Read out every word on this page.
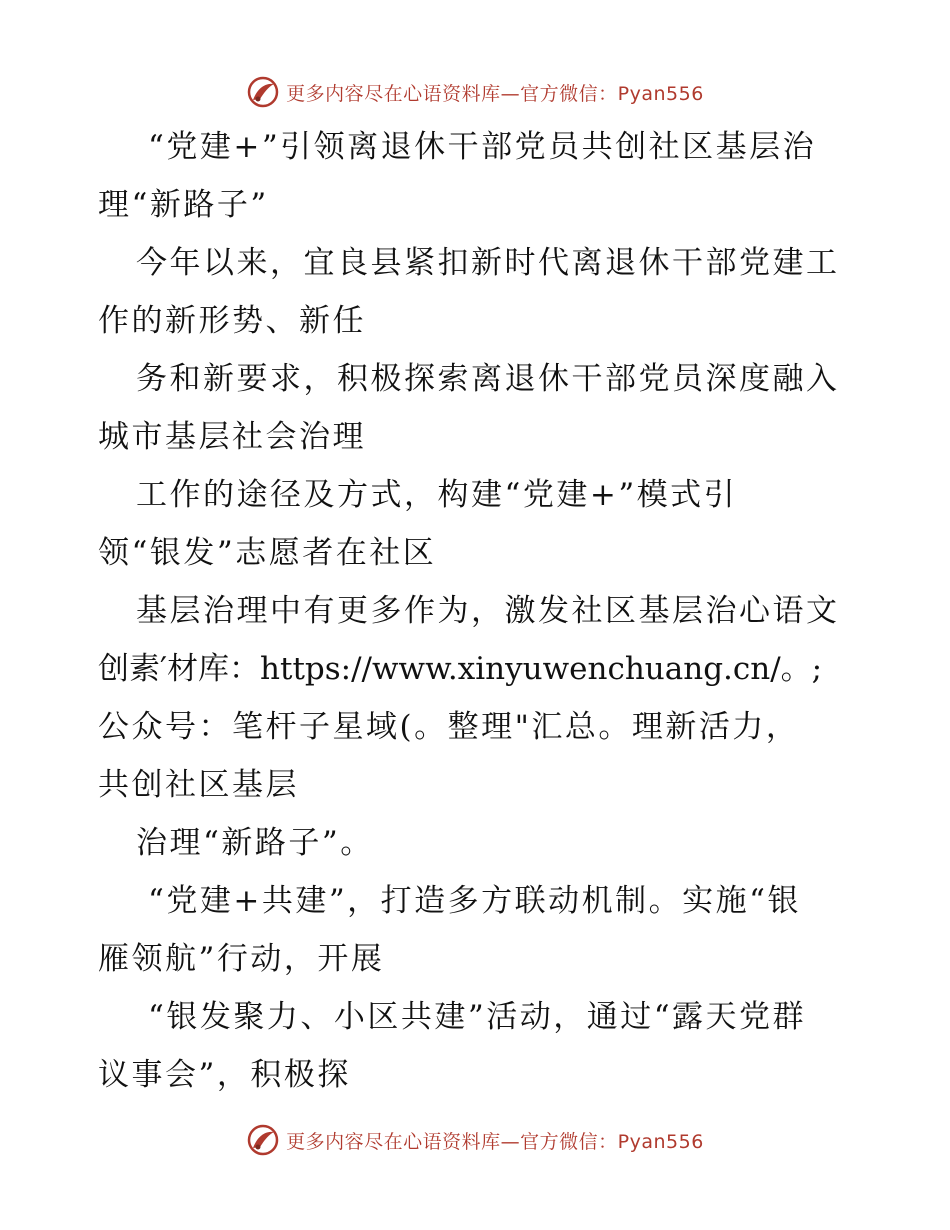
更多内容尽在心语资料库—官方微信：Pyan556
“党建+”引领离退休干部党员共创社区基层治
理“新路子”
今年以来，宜良县紧扣新时代离退休干部党建工
作的新形势、新任
务和新要求，积极探索离退休干部党员深度融入
城市基层社会治理
工作的途径及方式，构建“党建+”模式引
领“银发”志愿者在社区
基层治理中有更多作为，激发社区基层治心语文
创素′材库：https://www.xinyuwenchuang.cn/。;
公众号：笔杆子星域(。整理"汇总。理新活力，
共创社区基层
治理“新路子”。
“党建+共建”，打造多方联动机制。实施“银
雁领航”行动，开展
“银发聚力、小区共建”活动，通过“露天党群
议事会”，积极探
更多内容尽在心语资料库—官方微信：Pyan556
